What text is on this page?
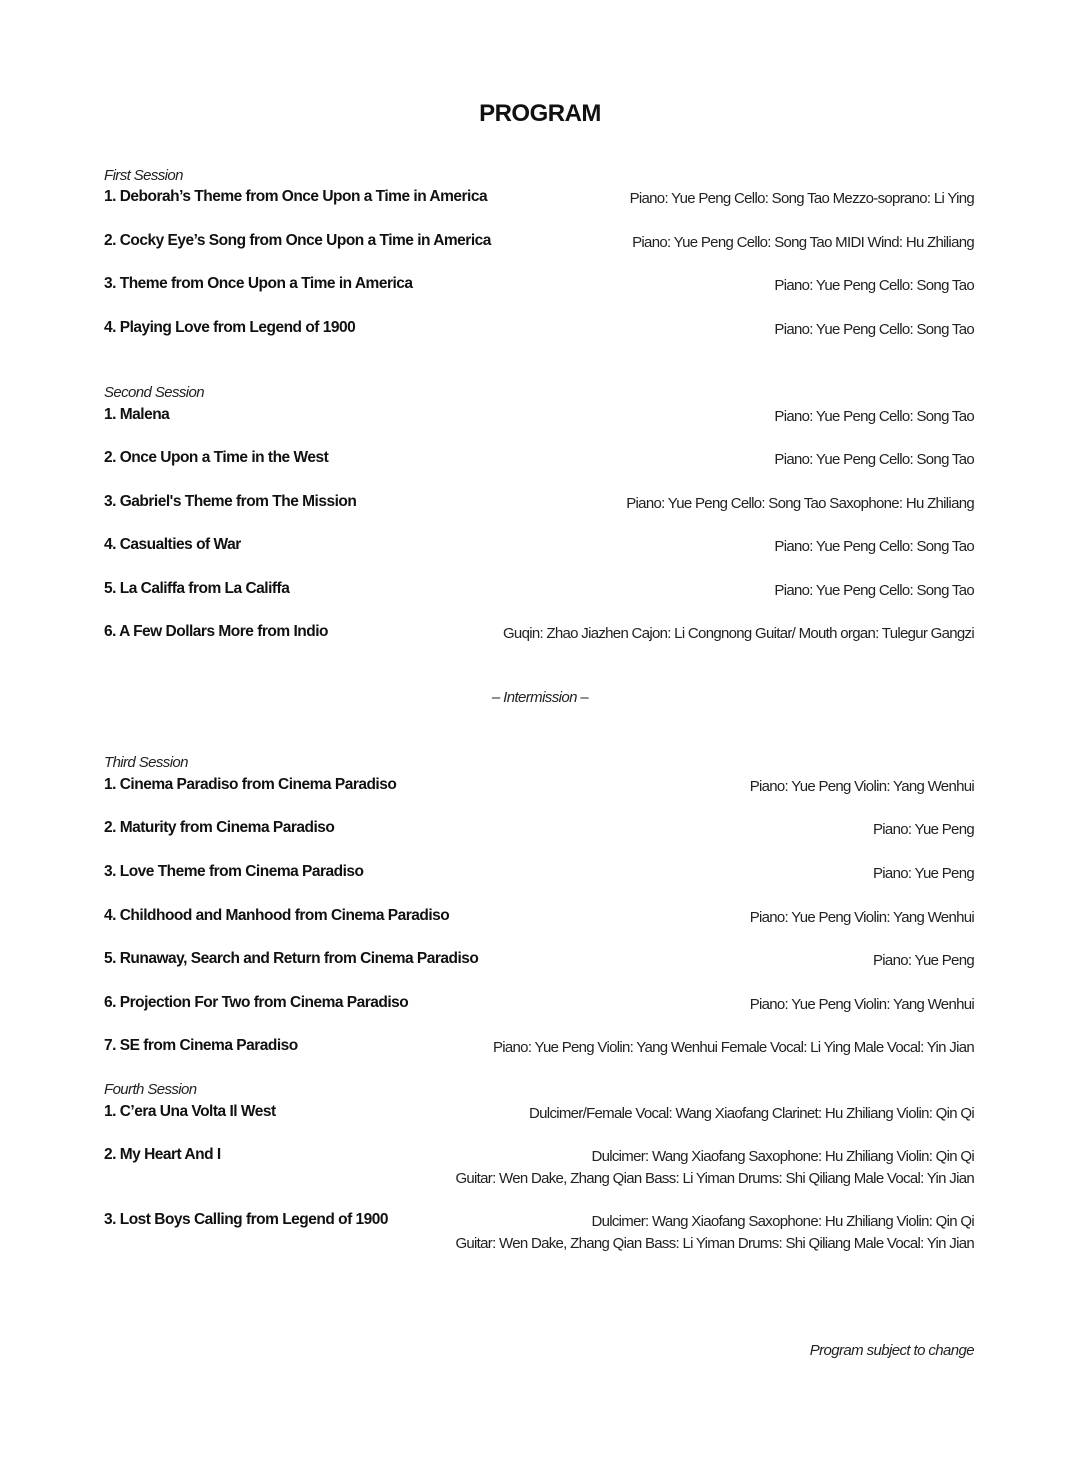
PROGRAM
First Session
1. Deborah’s Theme from Once Upon a Time in America	Piano: Yue Peng Cello: Song Tao Mezzo-soprano: Li Ying
2. Cocky Eye’s Song from Once Upon a Time in America	Piano: Yue Peng Cello: Song Tao MIDI Wind: Hu Zhiliang
3. Theme from Once Upon a Time in America	Piano: Yue Peng Cello: Song Tao
4. Playing Love from Legend of 1900	Piano: Yue Peng Cello: Song Tao
Second Session
1. Malena	Piano: Yue Peng Cello: Song Tao
2. Once Upon a Time in the West	Piano: Yue Peng Cello: Song Tao
3. Gabriel's Theme from The Mission	Piano: Yue Peng Cello: Song Tao Saxophone: Hu Zhiliang
4. Casualties of War	Piano: Yue Peng Cello: Song Tao
5. La Califfa from La Califfa	Piano: Yue Peng Cello: Song Tao
6. A Few Dollars More from Indio	Guqin: Zhao Jiazhen Cajon: Li Congnong Guitar/ Mouth organ: Tulegur Gangzi
– Intermission –
Third Session
1. Cinema Paradiso from Cinema Paradiso	Piano: Yue Peng Violin: Yang Wenhui
2. Maturity from Cinema Paradiso	Piano: Yue Peng
3. Love Theme from Cinema Paradiso	Piano: Yue Peng
4. Childhood and Manhood from Cinema Paradiso	Piano: Yue Peng Violin: Yang Wenhui
5. Runaway, Search and Return from Cinema Paradiso	Piano: Yue Peng
6. Projection For Two from Cinema Paradiso	Piano: Yue Peng Violin: Yang Wenhui
7. SE from Cinema Paradiso	Piano: Yue Peng Violin: Yang Wenhui Female Vocal: Li Ying Male Vocal: Yin Jian
Fourth Session
1. C’era Una Volta Il West	Dulcimer/Female Vocal: Wang Xiaofang Clarinet: Hu Zhiliang Violin: Qin Qi
2. My Heart And I	Dulcimer: Wang Xiaofang Saxophone: Hu Zhiliang Violin: Qin Qi
Guitar: Wen Dake, Zhang Qian Bass: Li Yiman Drums: Shi Qiliang Male Vocal: Yin Jian
3. Lost Boys Calling from Legend of 1900	Dulcimer: Wang Xiaofang Saxophone: Hu Zhiliang Violin: Qin Qi
Guitar: Wen Dake, Zhang Qian Bass: Li Yiman Drums: Shi Qiliang Male Vocal: Yin Jian
Program subject to change
